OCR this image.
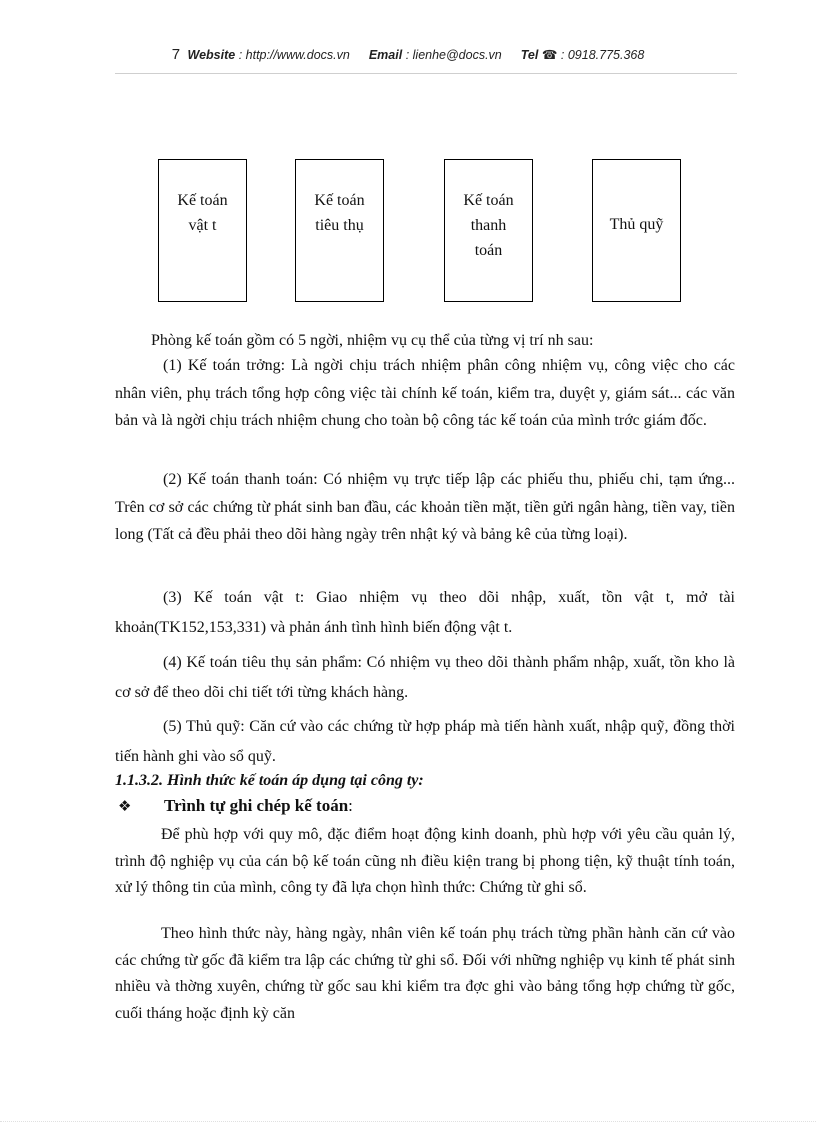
7 Website : http://www.docs.vn Email : lienhe@docs.vn Tel ☎ : 0918.775.368
Kế toán
vật t
Kế toán
tiêu thụ
Kế toán
thanh
toán
Thủ quỹ
Phòng kế toán gồm có 5 ngời, nhiệm vụ cụ thể của từng vị trí nh sau:
(1) Kế toán trởng: Là ngời chịu trách nhiệm phân công nhiệm vụ, công việc cho các nhân viên, phụ trách tổng hợp công việc tài chính kế toán, kiểm tra, duyệt y, giám sát... các văn bản và là ngời chịu trách nhiệm chung cho toàn bộ công tác kế toán của mình trớc giám đốc.
(2) Kế toán thanh toán: Có nhiệm vụ trực tiếp lập các phiếu thu, phiếu chi, tạm ứng... Trên cơ sở các chứng từ phát sinh ban đầu, các khoản tiền mặt, tiền gửi ngân hàng, tiền vay, tiền long (Tất cả đều phải theo dõi hàng ngày trên nhật ký và bảng kê của từng loại).
(3) Kế toán vật t: Giao nhiệm vụ theo dõi nhập, xuất, tồn vật t, mở tài khoản(TK152,153,331) và phản ánh tình hình biến động vật t.
(4) Kế toán tiêu thụ sản phẩm: Có nhiệm vụ theo dõi thành phẩm nhập, xuất, tồn kho là cơ sở để theo dõi chi tiết tới từng khách hàng.
(5) Thủ quỹ: Căn cứ vào các chứng từ hợp pháp mà tiến hành xuất, nhập quỹ, đồng thời tiến hành ghi vào sổ quỹ.
1.1.3.2. Hình thức kế toán áp dụng tại công ty:
❖ Trình tự ghi chép kế toán:
Để phù hợp với quy mô, đặc điểm hoạt động kinh doanh, phù hợp với yêu cầu quản lý, trình độ nghiệp vụ của cán bộ kế toán cũng nh điều kiện trang bị phong tiện, kỹ thuật tính toán, xử lý thông tin của mình, công ty đã lựa chọn hình thức: Chứng từ ghi sổ.
Theo hình thức này, hàng ngày, nhân viên kế toán phụ trách từng phần hành căn cứ vào các chứng từ gốc đã kiểm tra lập các chứng từ ghi sổ. Đối với những nghiệp vụ kinh tế phát sinh nhiều và thờng xuyên, chứng từ gốc sau khi kiểm tra đợc ghi vào bảng tổng hợp chứng từ gốc, cuối tháng hoặc định kỳ căn
